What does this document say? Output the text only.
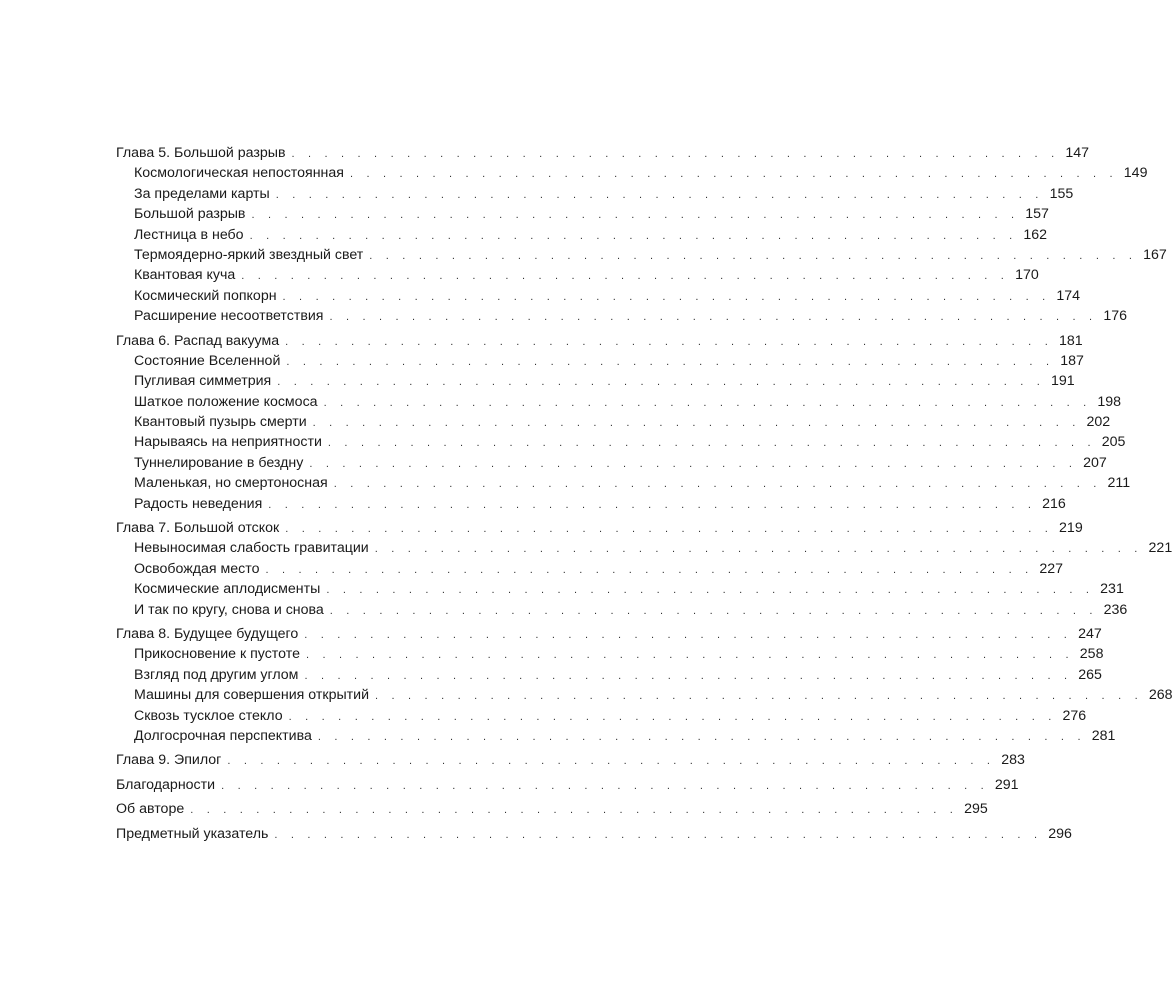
Глава 5. Большой разрыв . . . . . . . . . . . . . . . . . . . . . . . . . . . . . . . . . . . . . . . . . . . . . . . 147
Космологическая непостоянная . . . . . . . . . . . . . . . . . . . . . . . . . . . . . . . . . . . . . . . . . . . . . . . 149
За пределами карты . . . . . . . . . . . . . . . . . . . . . . . . . . . . . . . . . . . . . . . . . . . . . . . 155
Большой разрыв . . . . . . . . . . . . . . . . . . . . . . . . . . . . . . . . . . . . . . . . . . . . . . . 157
Лестница в небо . . . . . . . . . . . . . . . . . . . . . . . . . . . . . . . . . . . . . . . . . . . . . . . 162
Термоядерно-яркий звездный свет . . . . . . . . . . . . . . . . . . . . . . . . . . . . . . . . . . . . . . . . . . . . . . . 167
Квантовая куча . . . . . . . . . . . . . . . . . . . . . . . . . . . . . . . . . . . . . . . . . . . . . . . 170
Космический попкорн . . . . . . . . . . . . . . . . . . . . . . . . . . . . . . . . . . . . . . . . . . . . . . . 174
Расширение несоответствия . . . . . . . . . . . . . . . . . . . . . . . . . . . . . . . . . . . . . . . . . . . . . . . 176
Глава 6. Распад вакуума . . . . . . . . . . . . . . . . . . . . . . . . . . . . . . . . . . . . . . . . . . . . . . . 181
Состояние Вселенной . . . . . . . . . . . . . . . . . . . . . . . . . . . . . . . . . . . . . . . . . . . . . . . 187
Пугливая симметрия . . . . . . . . . . . . . . . . . . . . . . . . . . . . . . . . . . . . . . . . . . . . . . . 191
Шаткое положение космоса . . . . . . . . . . . . . . . . . . . . . . . . . . . . . . . . . . . . . . . . . . . . . . . 198
Квантовый пузырь смерти . . . . . . . . . . . . . . . . . . . . . . . . . . . . . . . . . . . . . . . . . . . . . . . 202
Нарываясь на неприятности . . . . . . . . . . . . . . . . . . . . . . . . . . . . . . . . . . . . . . . . . . . . . . . 205
Туннелирование в бездну . . . . . . . . . . . . . . . . . . . . . . . . . . . . . . . . . . . . . . . . . . . . . . . 207
Маленькая, но смертоносная . . . . . . . . . . . . . . . . . . . . . . . . . . . . . . . . . . . . . . . . . . . . . . . 211
Радость неведения . . . . . . . . . . . . . . . . . . . . . . . . . . . . . . . . . . . . . . . . . . . . . . . 216
Глава 7. Большой отскок . . . . . . . . . . . . . . . . . . . . . . . . . . . . . . . . . . . . . . . . . . . . . . . 219
Невыносимая слабость гравитации . . . . . . . . . . . . . . . . . . . . . . . . . . . . . . . . . . . . . . . . . . . . . . . 221
Освобождая место . . . . . . . . . . . . . . . . . . . . . . . . . . . . . . . . . . . . . . . . . . . . . . . 227
Космические аплодисменты . . . . . . . . . . . . . . . . . . . . . . . . . . . . . . . . . . . . . . . . . . . . . . . 231
И так по кругу, снова и снова . . . . . . . . . . . . . . . . . . . . . . . . . . . . . . . . . . . . . . . . . . . . . . . 236
Глава 8. Будущее будущего . . . . . . . . . . . . . . . . . . . . . . . . . . . . . . . . . . . . . . . . . . . . . . . 247
Прикосновение к пустоте . . . . . . . . . . . . . . . . . . . . . . . . . . . . . . . . . . . . . . . . . . . . . . . 258
Взгляд под другим углом . . . . . . . . . . . . . . . . . . . . . . . . . . . . . . . . . . . . . . . . . . . . . . . 265
Машины для совершения открытий . . . . . . . . . . . . . . . . . . . . . . . . . . . . . . . . . . . . . . . . . . . . . . . 268
Сквозь тусклое стекло . . . . . . . . . . . . . . . . . . . . . . . . . . . . . . . . . . . . . . . . . . . . . . . 276
Долгосрочная перспектива . . . . . . . . . . . . . . . . . . . . . . . . . . . . . . . . . . . . . . . . . . . . . . . 281
Глава 9. Эпилог . . . . . . . . . . . . . . . . . . . . . . . . . . . . . . . . . . . . . . . . . . . . . . . 283
Благодарности . . . . . . . . . . . . . . . . . . . . . . . . . . . . . . . . . . . . . . . . . . . . . . . 291
Об авторе . . . . . . . . . . . . . . . . . . . . . . . . . . . . . . . . . . . . . . . . . . . . . . . 295
Предметный указатель . . . . . . . . . . . . . . . . . . . . . . . . . . . . . . . . . . . . . . . . . . . . . . . 296
